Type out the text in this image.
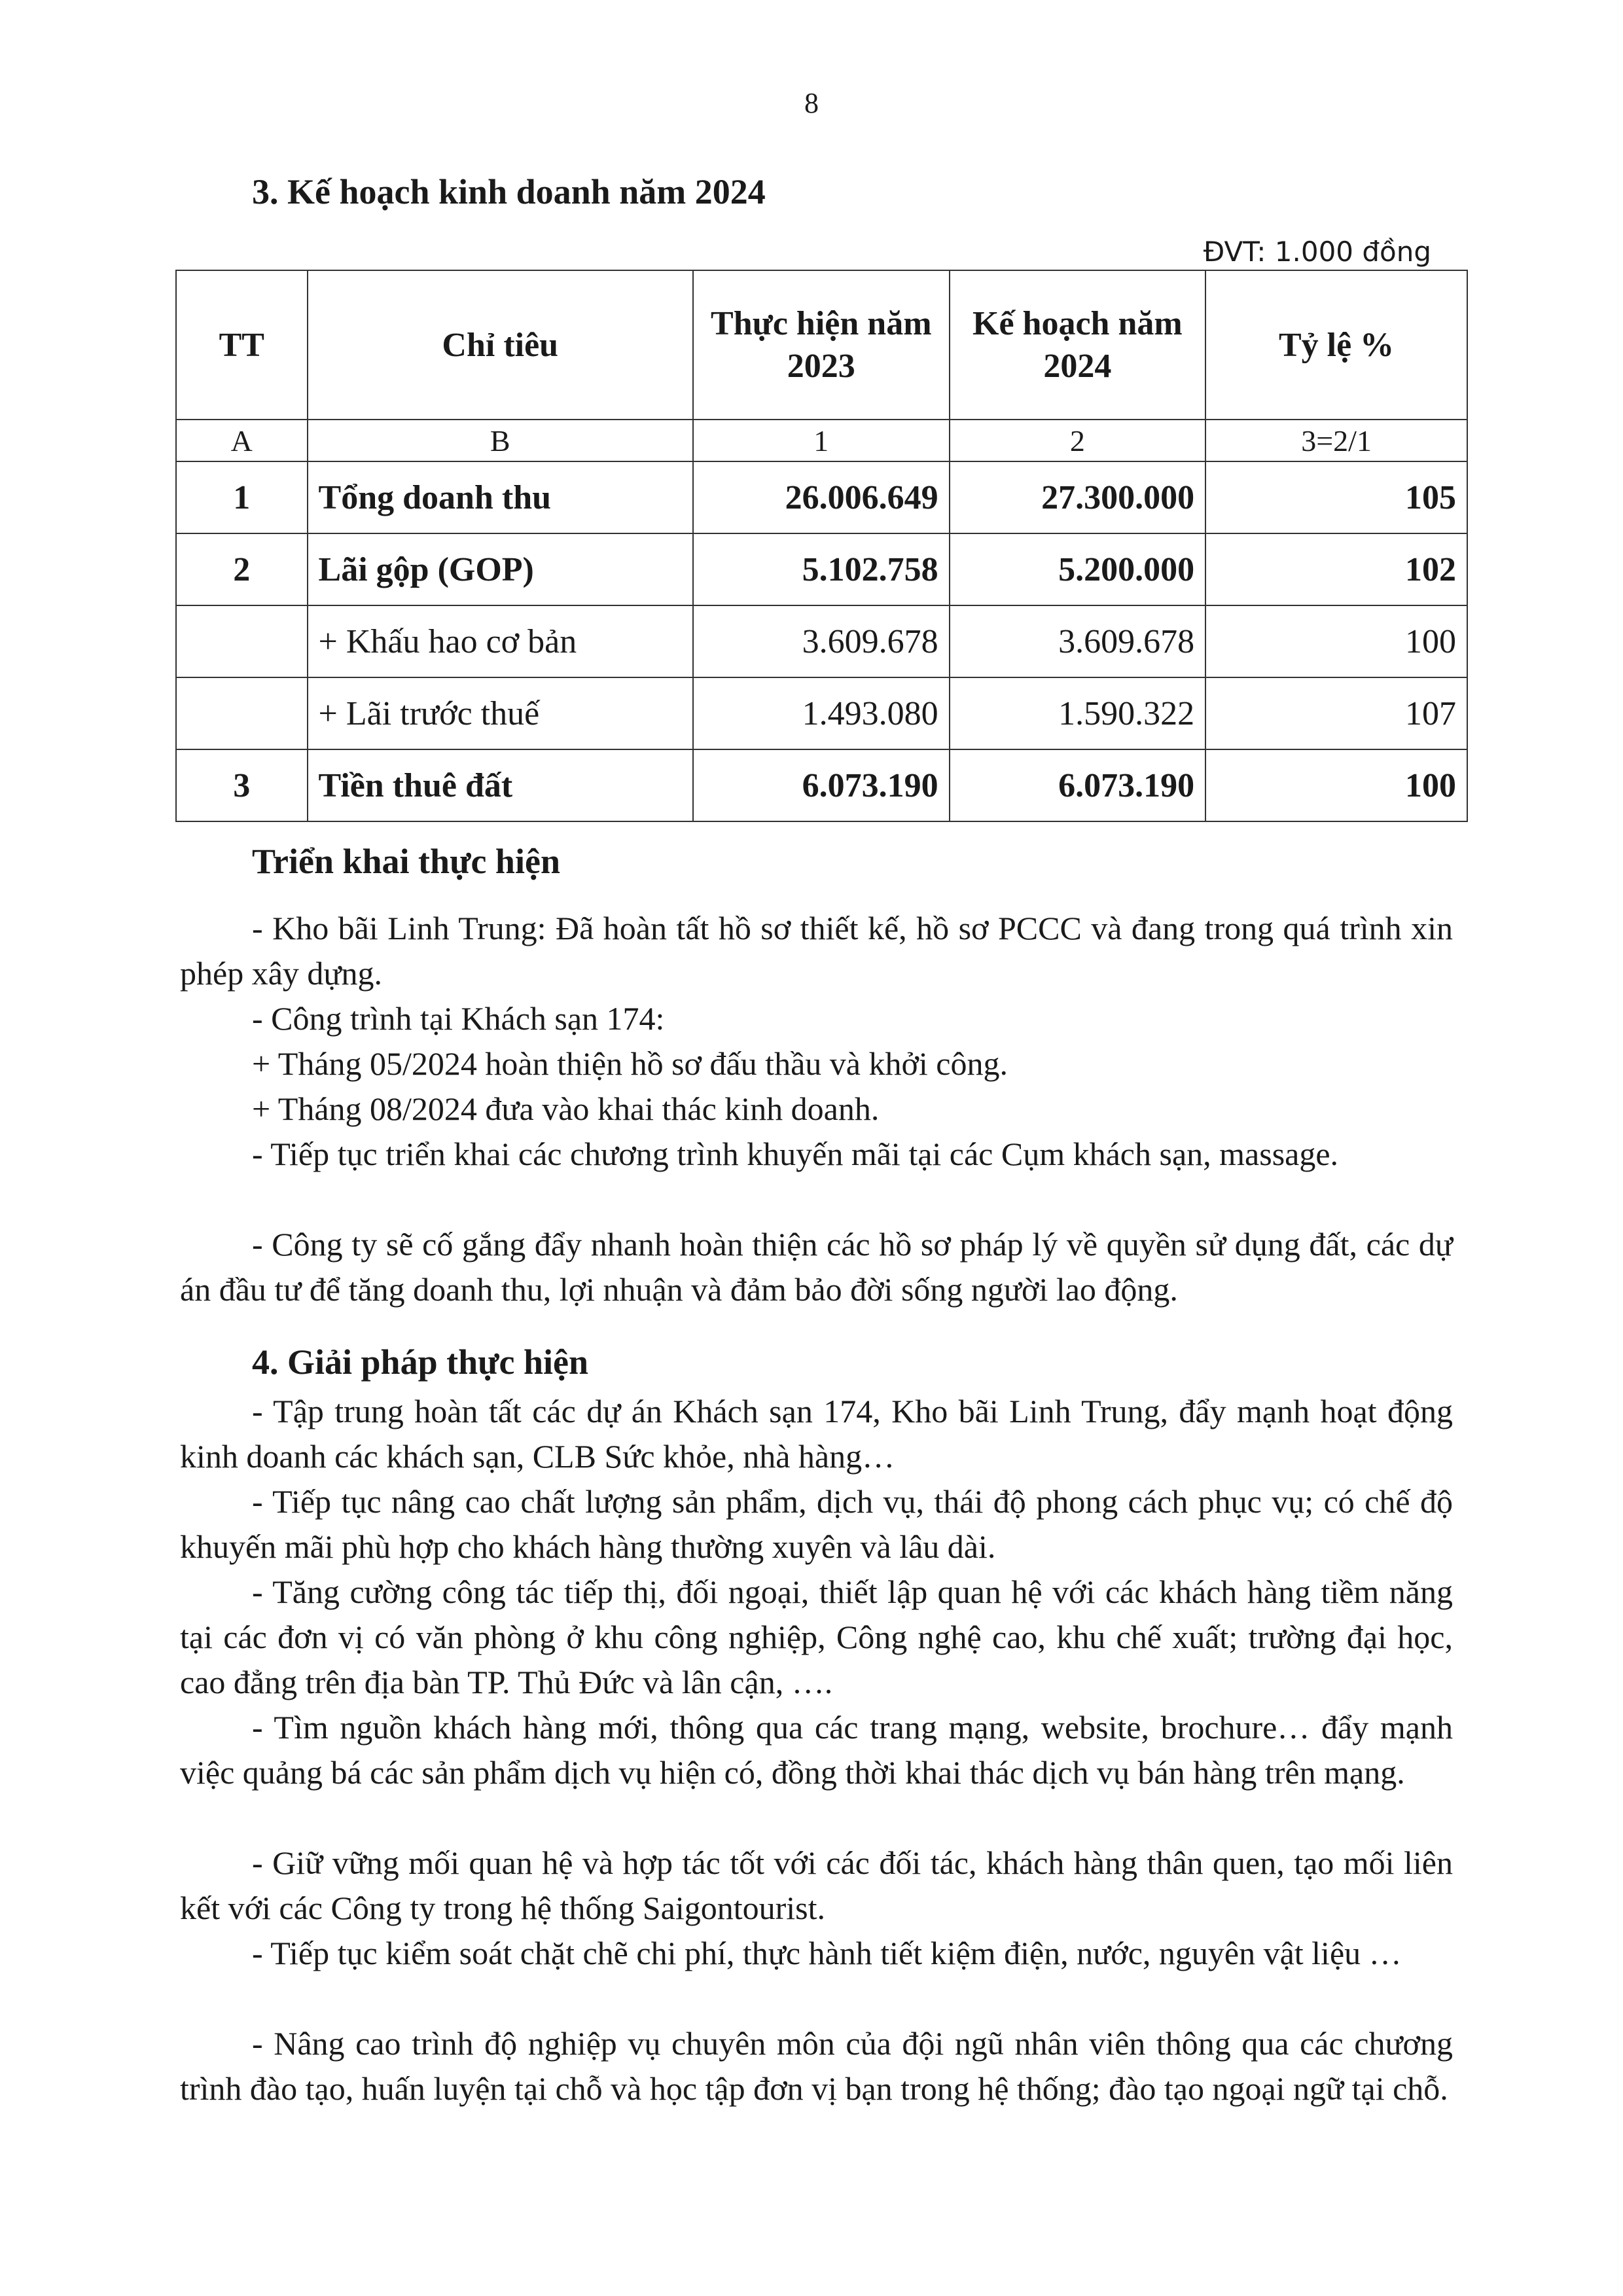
8
3. Kế hoạch kinh doanh năm 2024
ĐVT: 1.000 đồng
TT	Chỉ tiêu	Thực hiện năm 2023	Kế hoạch năm 2024	Tỷ lệ %
A	B	1	2	3=2/1
1	Tổng doanh thu	26.006.649	27.300.000	105
2	Lãi gộp (GOP)	5.102.758	5.200.000	102
	+ Khấu hao cơ bản	3.609.678	3.609.678	100
	+ Lãi trước thuế	1.493.080	1.590.322	107
3	Tiền thuê đất	6.073.190	6.073.190	100
Triển khai thực hiện
- Kho bãi Linh Trung: Đã hoàn tất hồ sơ thiết kế, hồ sơ PCCC và đang trong quá trình xin phép xây dựng.
- Công trình tại Khách sạn 174:
+ Tháng 05/2024 hoàn thiện hồ sơ đấu thầu và khởi công.
+ Tháng 08/2024 đưa vào khai thác kinh doanh.
- Tiếp tục triển khai các chương trình khuyến mãi tại các Cụm khách sạn, massage.
- Công ty sẽ cố gắng đẩy nhanh hoàn thiện các hồ sơ pháp lý về quyền sử dụng đất, các dự án đầu tư để tăng doanh thu, lợi nhuận và đảm bảo đời sống người lao động.
4. Giải pháp thực hiện
- Tập trung hoàn tất các dự án Khách sạn 174, Kho bãi Linh Trung, đẩy mạnh hoạt động kinh doanh các khách sạn, CLB Sức khỏe, nhà hàng…
- Tiếp tục nâng cao chất lượng sản phẩm, dịch vụ, thái độ phong cách phục vụ; có chế độ khuyến mãi phù hợp cho khách hàng thường xuyên và lâu dài.
- Tăng cường công tác tiếp thị, đối ngoại, thiết lập quan hệ với các khách hàng tiềm năng tại các đơn vị có văn phòng ở khu công nghiệp, Công nghệ cao, khu chế xuất; trường đại học, cao đẳng trên địa bàn TP. Thủ Đức và lân cận, ….
- Tìm nguồn khách hàng mới, thông qua các trang mạng, website, brochure… đẩy mạnh việc quảng bá các sản phẩm dịch vụ hiện có, đồng thời khai thác dịch vụ bán hàng trên mạng.
- Giữ vững mối quan hệ và hợp tác tốt với các đối tác, khách hàng thân quen, tạo mối liên kết với các Công ty trong hệ thống Saigontourist.
- Tiếp tục kiểm soát chặt chẽ chi phí, thực hành tiết kiệm điện, nước, nguyên vật liệu …
- Nâng cao trình độ nghiệp vụ chuyên môn của đội ngũ nhân viên thông qua các chương trình đào tạo, huấn luyện tại chỗ và học tập đơn vị bạn trong hệ thống; đào tạo ngoại ngữ tại chỗ.
